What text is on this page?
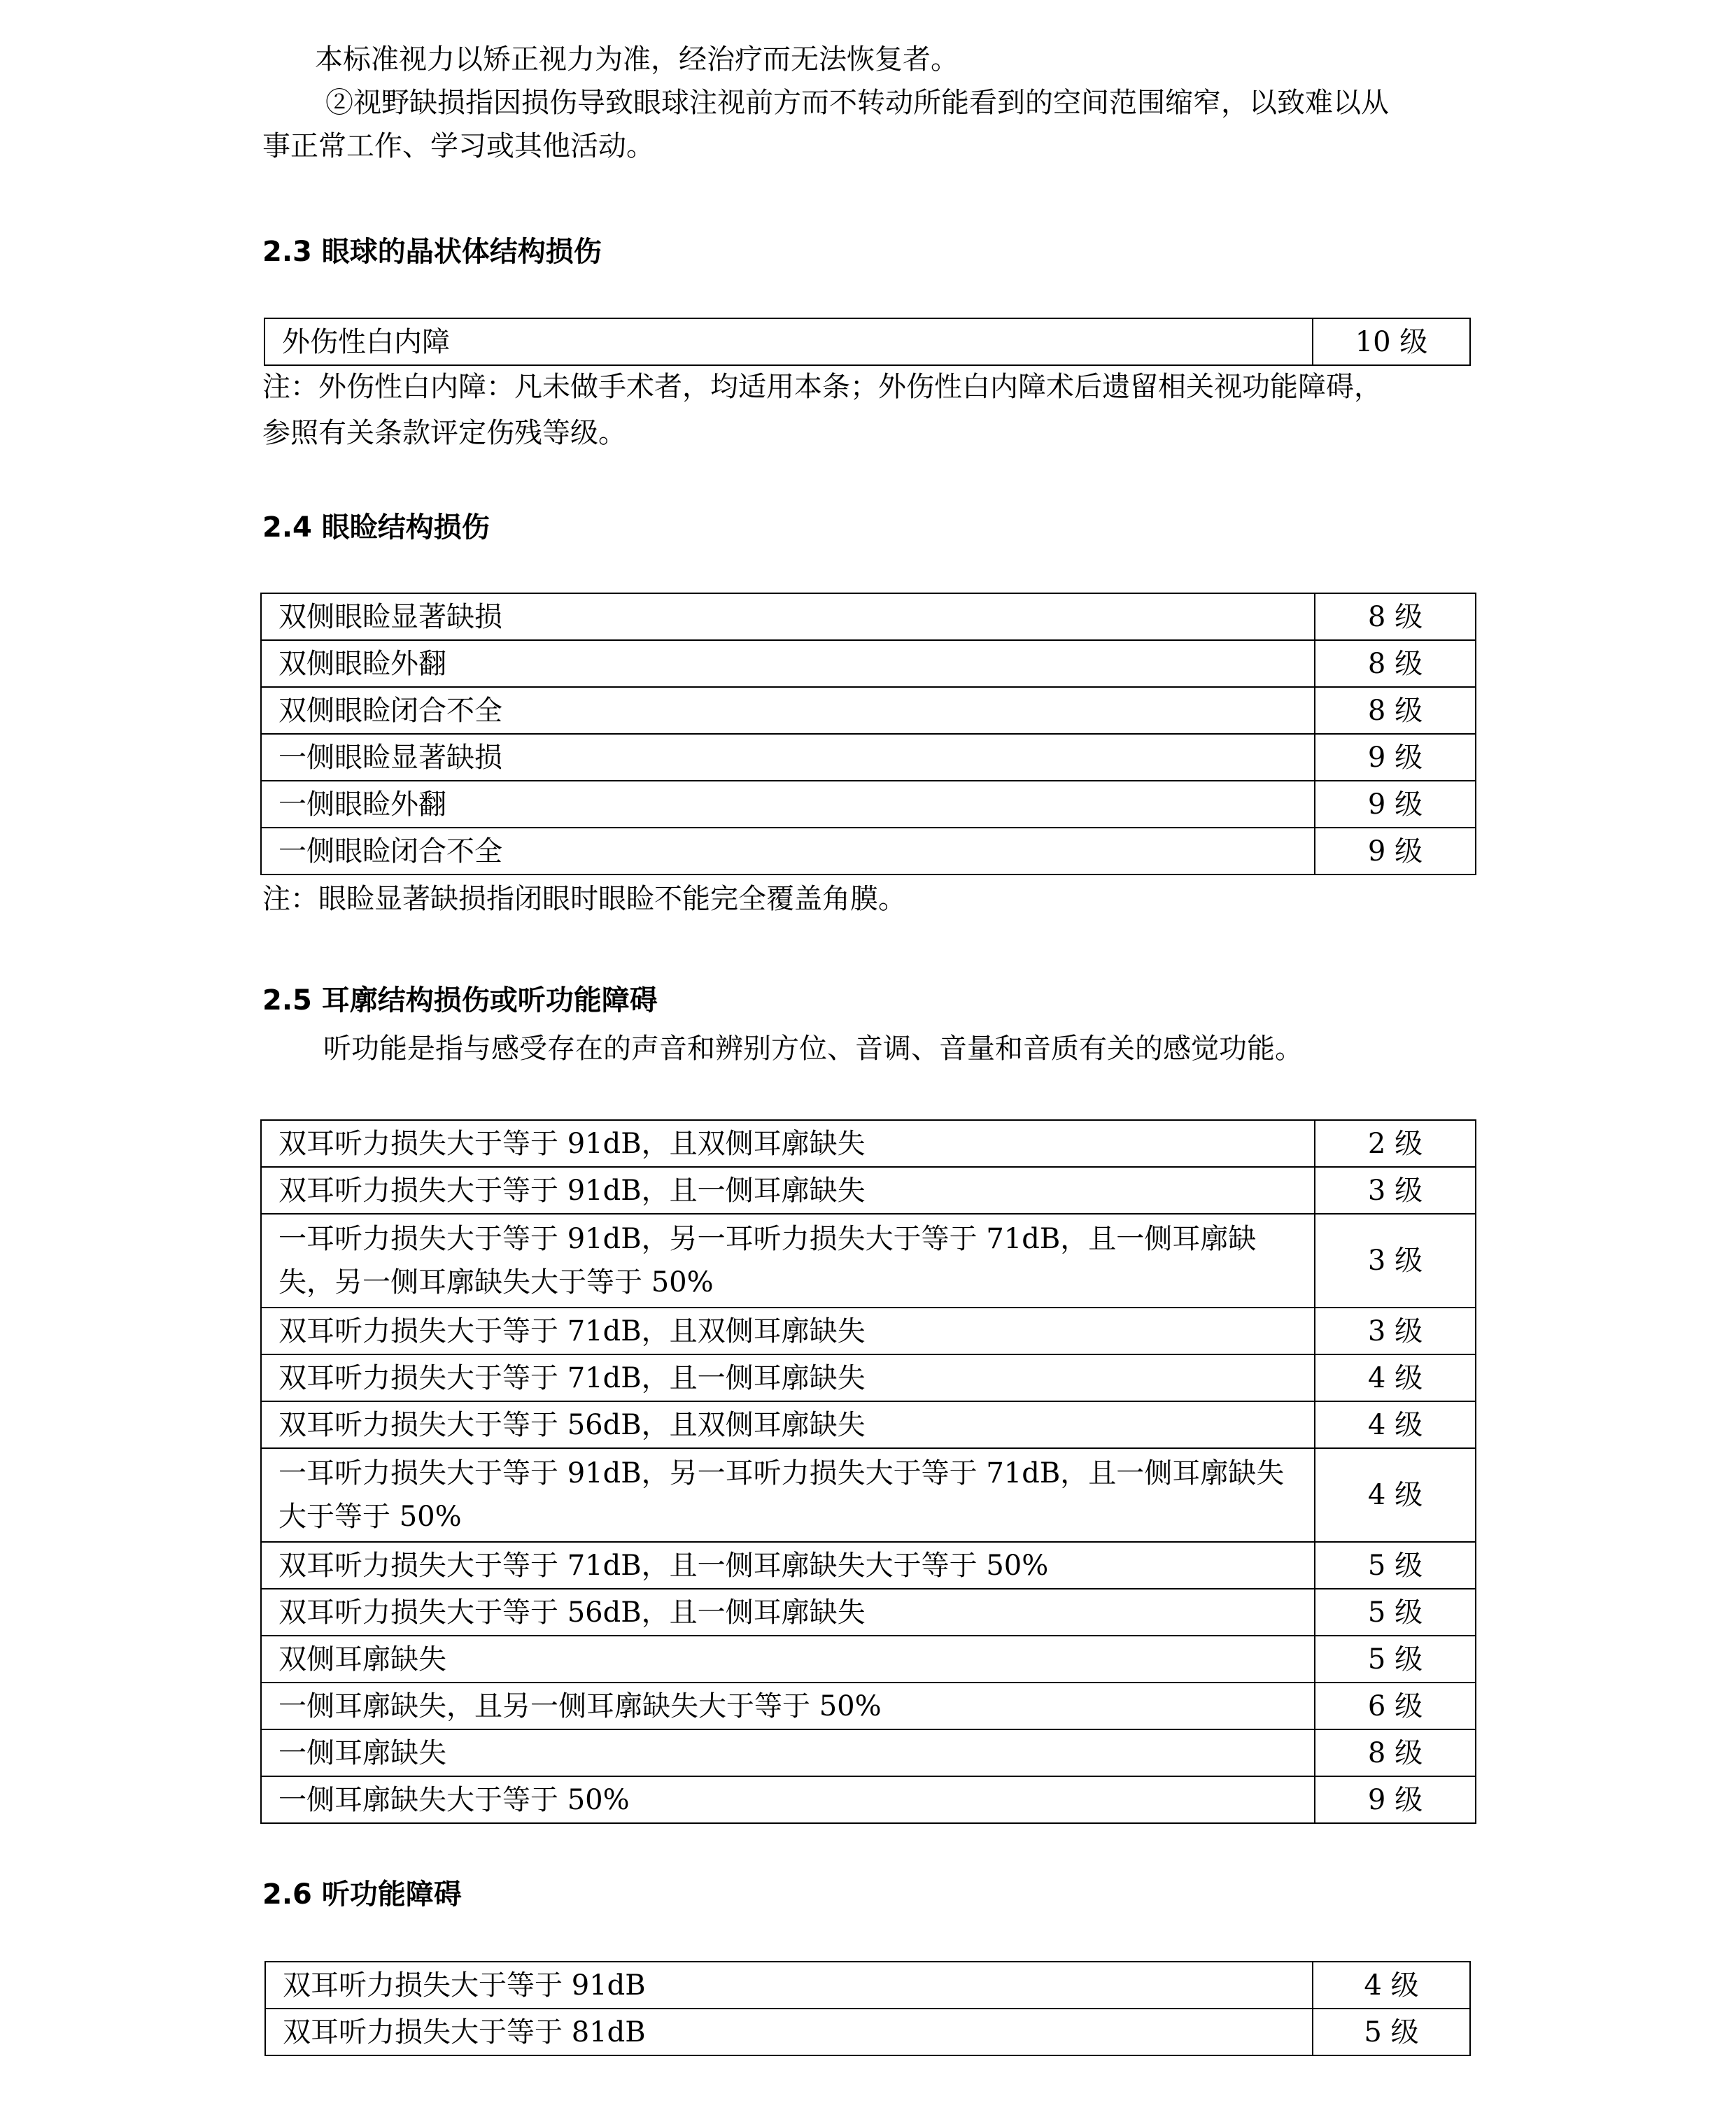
本标准视力以矫正视力为准，经治疗而无法恢复者。
②视野缺损指因损伤导致眼球注视前方而不转动所能看到的空间范围缩窄，以致难以从
事正常工作、学习或其他活动。
2.3 眼球的晶状体结构损伤
外伤性白内障	10 级
注：外伤性白内障：凡未做手术者，均适用本条；外伤性白内障术后遗留相关视功能障碍，
参照有关条款评定伤残等级。
2.4 眼睑结构损伤
双侧眼睑显著缺损	8 级
双侧眼睑外翻	8 级
双侧眼睑闭合不全	8 级
一侧眼睑显著缺损	9 级
一侧眼睑外翻	9 级
一侧眼睑闭合不全	9 级
注：眼睑显著缺损指闭眼时眼睑不能完全覆盖角膜。
2.5 耳廓结构损伤或听功能障碍
听功能是指与感受存在的声音和辨别方位、音调、音量和音质有关的感觉功能。
双耳听力损失大于等于 91dB，且双侧耳廓缺失	2 级
双耳听力损失大于等于 91dB，且一侧耳廓缺失	3 级
一耳听力损失大于等于 91dB，另一耳听力损失大于等于 71dB，且一侧耳廓缺失，另一侧耳廓缺失大于等于 50%	3 级
双耳听力损失大于等于 71dB，且双侧耳廓缺失	3 级
双耳听力损失大于等于 71dB，且一侧耳廓缺失	4 级
双耳听力损失大于等于 56dB，且双侧耳廓缺失	4 级
一耳听力损失大于等于 91dB，另一耳听力损失大于等于 71dB，且一侧耳廓缺失大于等于 50%	4 级
双耳听力损失大于等于 71dB，且一侧耳廓缺失大于等于 50%	5 级
双耳听力损失大于等于 56dB，且一侧耳廓缺失	5 级
双侧耳廓缺失	5 级
一侧耳廓缺失，且另一侧耳廓缺失大于等于 50%	6 级
一侧耳廓缺失	8 级
一侧耳廓缺失大于等于 50%	9 级
2.6 听功能障碍
双耳听力损失大于等于 91dB	4 级
双耳听力损失大于等于 81dB	5 级
